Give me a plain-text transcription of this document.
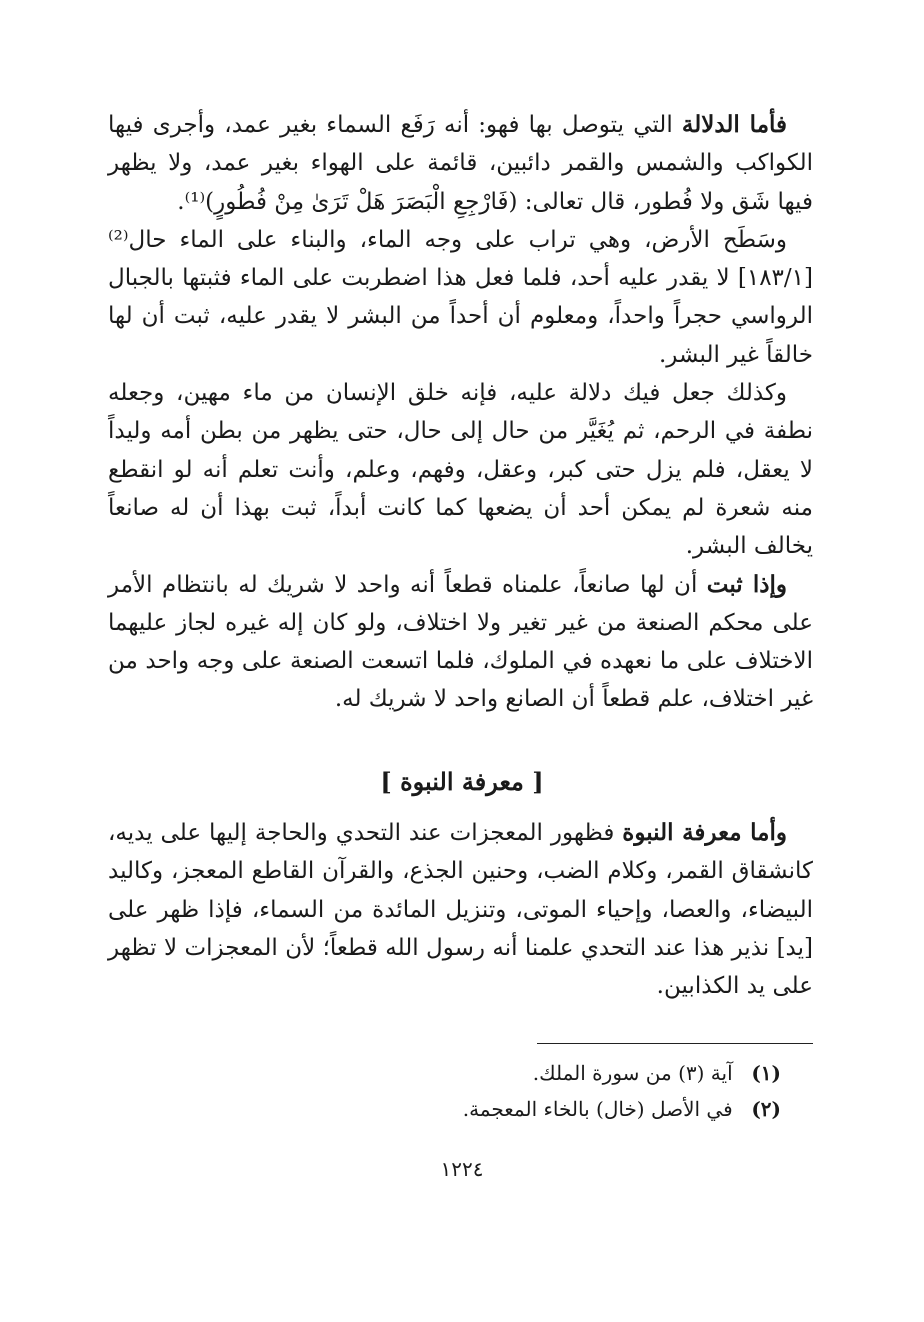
فأما الدلالة التي يتوصل بها فهو: أنه رَفَع السماء بغير عمد، وأجرى فيها الكواكب والشمس والقمر دائبين، قائمة على الهواء بغير عمد، ولا يظهر فيها شَق ولا فُطور، قال تعالى: (فَارْجِعِ الْبَصَرَ هَلْ تَرَىٰ مِنْ فُطُورٍ)⁽¹⁾.

وسَطَح الأرض، وهي تراب على وجه الماء، والبناء على الماء حال⁽²⁾ [١٨٣/١] لا يقدر عليه أحد، فلما فعل هذا اضطربت على الماء فثبتها بالجبال الرواسي حجراً واحداً، ومعلوم أن أحداً من البشر لا يقدر عليه، ثبت أن لها خالقاً غير البشر.

وكذلك جعل فيك دلالة عليه، فإنه خلق الإنسان من ماء مهين، وجعله نطفة في الرحم، ثم يُغَيَّر من حال إلى حال، حتى يظهر من بطن أمه وليداً لا يعقل، فلم يزل حتى كبر، وعقل، وفهم، وعلم، وأنت تعلم أنه لو انقطع منه شعرة لم يمكن أحد أن يضعها كما كانت أبداً، ثبت بهذا أن له صانعاً يخالف البشر.

وإذا ثبت أن لها صانعاً، علمناه قطعاً أنه واحد لا شريك له بانتظام الأمر على محكم الصنعة من غير تغير ولا اختلاف، ولو كان إله غيره لجاز عليهما الاختلاف على ما نعهده في الملوك، فلما اتسعت الصنعة على وجه واحد من غير اختلاف، علم قطعاً أن الصانع واحد لا شريك له.

[ معرفة النبوة ]

وأما معرفة النبوة فظهور المعجزات عند التحدي والحاجة إليها على يديه، كانشقاق القمر، وكلام الضب، وحنين الجذع، والقرآن القاطع المعجز، وكاليد البيضاء، والعصا، وإحياء الموتى، وتنزيل المائدة من السماء، فإذا ظهر على [يد] نذير هذا عند التحدي علمنا أنه رسول الله قطعاً؛ لأن المعجزات لا تظهر على يد الكذابين.

(١) آية (٣) من سورة الملك.
(٢) في الأصل (خال) بالخاء المعجمة.
١٢٢٤
